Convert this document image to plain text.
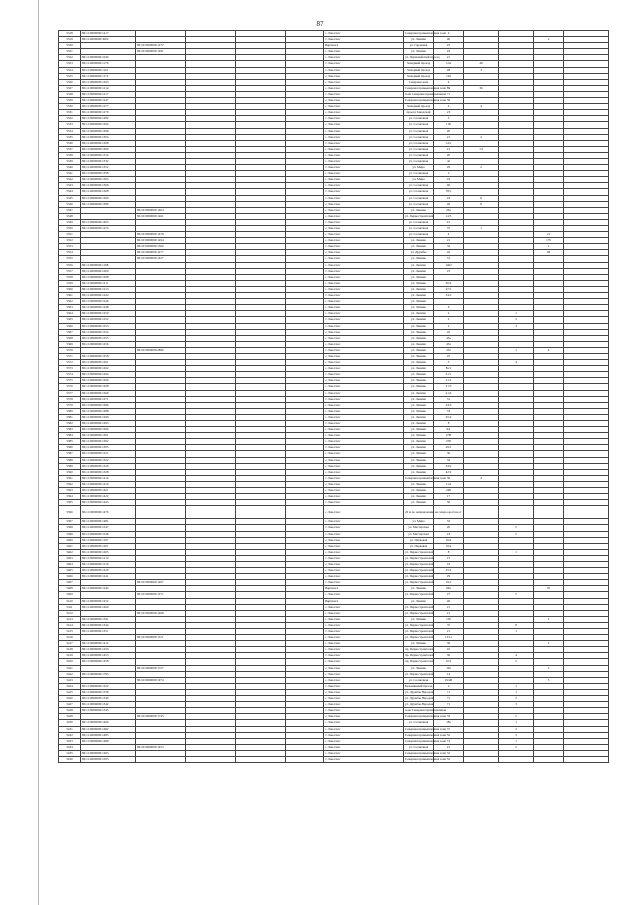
87
5318	86:11:0000000:1417					г. Лангепас	Северная промышленная зона	4				
5319	86:11:0000000:3002					г. Лангепас	ул. Ленина	40			2	
5320		86:10:0000000:1272				Вартовск	ул. Гаражная	25				
5321		86:10:0000000:1291				г. Лангепас	ул. Ленина	24				
5322	86:11:0000000:1046					г. Лангепас	ул. Первомайский проезд	21				
5323	86:11:0000000:1176					г. Лангепас	Западный проезд	12А	49			
5324	86:11:0000000:1161					г. Лангепас	Западный проезд	28	3			
5325	86:11:0000000:1172					г. Лангепас	Западный проезд	162				
5326	86:11:0000000:1203					г. Лангепас	Северная зона	4				
5327	86:11:0000000:1214					г. Лангепас	Северная промышленная зона	89	36			
5328	86:11:0000000:1217					г. Лангепас	зона Северная промышленная	71				
5329	86:11:0000000:1247					г. Лангепас	Северная промышленная зона	56				
5330	86:11:0000000:1277					г. Лангепас	Западный проезд	6	4			
5331	86:11:0000000:1279					г. Лангепас	проезд Заводской	23				
5332	86:11:0000000:1282					г. Лангепас	ул. Солнечная	5				
5333	86:11:0000000:1294					г. Лангепас	ул. Солнечная	11Б				
5334	86:11:0000000:1299					г. Лангепас	ул. Солнечная	20				
5335	86:11:0000000:1304					г. Лангепас	ул. Солнечная	21	2			
5336	86:11:0000000:1308					г. Лангепас	ул. Солнечная	14/1				
5337	86:11:0000000:1309					г. Лангепас	ул. Солнечная	21	74			
5338	86:11:0000000:1314					г. Лангепас	ул. Солнечная	20				
5339	86:11:0000000:1332					г. Лангепас	ул. Солнечная	4а				
5340	86:11:0000000:1352					г. Лангепас	ул. Мира	29	2			
5341	86:11:0000000:1358					г. Лангепас	ул. Солнечная	2				
5342	86:11:0000000:1365					г. Лангепас	ул. Мира	19				
5343	86:11:0000000:1366					г. Лангепас	ул. Солнечная	60				
5344	86:11:0000000:1368					г. Лангепас	ул. Солнечная	78/1				
5345	86:11:0000000:1369					г. Лангепас	ул. Солнечная	24	8			
5346	86:11:0000000:1389					г. Лангепас	ул. Солнечная	26	8			
5347		86:10:0000000:1404				г. Лангепас	ул. Ленина	26а				
5348		86:10:0000000:1461				г. Лангепас	ул. Первостроителей	14/5				
5349	86:11:0000000:1465					г. Лангепас	ул. Солнечная	2/1				
5350	86:11:0000000:1474					г. Лангепас	ул. Солнечная	37	1			
5351		86:10:0000000:1478				г. Лангепас	ул. Солнечная	4			21	
5352		86:10:0000000:1494				г. Лангепас	ул. Ленина	21			17б	
5353		86:10:0000000:1506				г. Лангепас	ул. Ленина	34			1	
5354		86:10:0000000:1477				г. Лангепас	ул. Дружбы	42			28	
5355		86:10:0000000:1427				г. Лангепас	ул. Ленина	31				
5356	86:11:0000000:1198					г. Лангепас	ул. Ленина	1402				
5357	86:11:0000000:1200					г. Лангепас	ул. Ленина	23				
5358	86:11:0000000:1208					г. Лангепас	ул. Ленина					
5359	86:11:0000000:1211					г. Лангепас	ул. Ленина	36/2				
5360	86:11:0000000:1213					г. Лангепас	ул. Ленина	47/1				
5361	86:11:0000000:1224					г. Лангепас	ул. Ленина	34/2				
5362	86:11:0000000:1246					г. Лангепас	ул. Ленина					
5363	86:11:0000000:1248					г. Лангепас	ул. Ленина	6				
5364	86:11:0000000:1250					г. Лангепас	ул. Ленина	2		1		
5365	86:11:0000000:1252					г. Лангепас	ул. Ленина	2		2		
5366	86:11:0000000:1253					г. Лангепас	ул. Ленина	2		3		
5367	86:11:0000000:1254					г. Лангепас	ул. Ленина	45				
5368	86:11:0000000:1255					г. Лангепас	ул. Ленина	45а				
5369	86:11:0000000:1256					г. Лангепас	ул. Ленина	45а				
5370		86:10:0000000:2899				г. Лангепас	ул. Ленина	23а		1	4	
5371	86:11:0000000:1258					г. Лангепас	ул. Ленина	25				
5372	86:11:0000000:1261					г. Лангепас	ул. Ленина	3		4		
5373	86:11:0000000:1262					г. Лангепас	ул. Ленина	8а/1				
5374	86:11:0000000:1264					г. Лангепас	ул. Ленина	21/1				
5375	86:11:0000000:1266					г. Лангепас	ул. Ленина	21/2				
5376	86:11:0000000:1268					г. Лангепас	ул. Ленина	21/3				
5377	86:11:0000000:1269					г. Лангепас	ул. Ленина	21/4				
5378	86:11:0000000:1271					г. Лангепас	ул. Ленина	31				
5379	86:11:0000000:1286					г. Лангепас	ул. Ленина	34/3				
5380	86:11:0000000:1288					г. Лангепас	ул. Ленина	33				
5381	86:11:0000000:1290					г. Лангепас	ул. Ленина	45/2				
5382	86:11:0000000:1293					г. Лангепас	ул. Ленина	8				
5383	86:11:0000000:1296					г. Лангепас	ул. Ленина	9А				
5384	86:11:0000000:1301					г. Лангепас	ул. Ленина	27В				
5385	86:11:0000000:1302					г. Лангепас	ул. Ленина	27Б				
5386	86:11:0000000:1305					г. Лангепас	ул. Ленина	29/1				
5387	86:11:0000000:1321					г. Лангепас	ул. Ленина	30				
5388	86:11:0000000:1322					г. Лангепас	ул. Ленина	34				
5389	86:11:0000000:1326					г. Лангепас	ул. Ленина	34/2				
5390	86:11:0000000:1328					г. Лангепас	ул. Ленина	42/2				
5391	86:11:0000000:1410					г. Лангепас	Северная промышленная зона	30	4			
5392	86:11:0000000:1416					г. Лангепас	ул. Ленина	11А				
5393	86:11:0000000:1421					г. Лангепас	ул. Ленина	24Б				
5394	86:11:0000000:1422					г. Лангепас	ул. Ленина	17				
5395	86:11:0000000:1443					г. Лангепас	ул. Ленина	56				
5396	86:11:0000000:1476					г. Лангепас	20 м по направлению на северо-восток от					
5397	86:11:0000000:1481					г. Лангепас	ул. Мира	33				
5398	86:11:0000000:1547					г. Лангепас	ул. Мастерская	20		5		
5399	86:11:0000000:1548					г. Лангепас	ул. Мастерская	23		5		
5400	86:11:0000000:1197					г. Лангепас	ул. Парковая	10А				
5401	86:11:0000000:1201					г. Лангепас	ул. Парковая	10А				
5402	86:11:0000000:1205					г. Лангепас	ул. Первостроителей	8		1		
5403	86:11:0000000:1212					г. Лангепас	ул. Первостроителей	15				
5404	86:11:0000000:1216					г. Лангепас	ул. Первостроителей	19				
5405	86:11:0000000:1220					г. Лангепас	ул. Первостроителей	25/2				
5406	86:11:0000000:1241					г. Лангепас	ул. Первостроителей	29				
5407		86:10:0000000:1297				г. Лангепас	ул. Первостроителей	19/1				
5408	86:11:0000000:1244					Вартовск	ул. Ленина	66а			35	
5409		86:10:0000000:1271				г. Лангепас	ул. Первостроителей	27		5		
5410	86:11:0000000:1252					Вартовск	ул. Ленина	46				
5411	86:11:0000000:1260					г. Лангепас	ул. Первостроителей	21				
5412		86:10:0000000:1468				г. Лангепас	ул. Первостроителей	21				
5413	86:11:0000000:1341					г. Лангепас	ул. Ленина	13б			2	
5414	86:11:0000000:1344					г. Лангепас	ул. Первостроителей	7б		8		
5415	86:11:0000000:1351					г. Лангепас	ул. Первостроителей	21		1		
5416		86:10:0000000:1371				г. Лангепас	ул. Первостроителей	13/1а				
5417	86:11:0000000:1412					г. Лангепас	ул. Ленина	36			2	
5418	86:11:0000000:1450					г. Лангепас	пр. Первостроителей	10				
5419	86:11:0000000:1453					г. Лангепас	пр. Первостроителей	30		4		
5420	86:11:0000000:1458					г. Лангепас	пр. Первостроителей	16/1		2		
5421		86:10:0000000:1727				г. Лангепас	ул. Ленина	19а			2	
5422	86:11:0000000:1795					г. Лангепас	ул. Первостроителей	14				
5423		86:10:0000000:1974				г. Лангепас	ул. Солнечная	19/2Б			3	
5424	86:11:0000000:1322					г. Лангепас	Безымянный проезд	2		1		
5425	86:11:0000000:1338					г. Лангепас	ул. Дружбы Народов	71		1		
5426	86:11:0000000:1340					г. Лангепас	ул. Дружбы Народов	71		2		
5427	86:11:0000000:1342					г. Лангепас	ул. Дружбы Народов	71		3		
5428	86:11:0000000:1345					г. Лангепас	зона Северная промышленная					
5429		86:10:0000000:1745				г. Лангепас	Северная промышленная зона	33		2		
5430	86:11:0000000:1466					г. Лангепас	ул. Солнечная	18а		1		
5431	86:11:0000000:1482					г. Лангепас	Северная промышленная зона	37		3		
5432	86:11:0000000:1483					г. Лангепас	Северная промышленная зона	52		3		
5433	86:11:0000000:1489					г. Лангепас	Северная промышленная зона	72		1		
5434		86:10:0000000:1453				г. Лангепас	ул. Солнечная	21		2		
5435	86:11:0000000:1493					г. Лангепас	Северная промышленная зона	52				
5436	86:11:0000000:1503					г. Лангепас	Северная промышленная зона	52				
